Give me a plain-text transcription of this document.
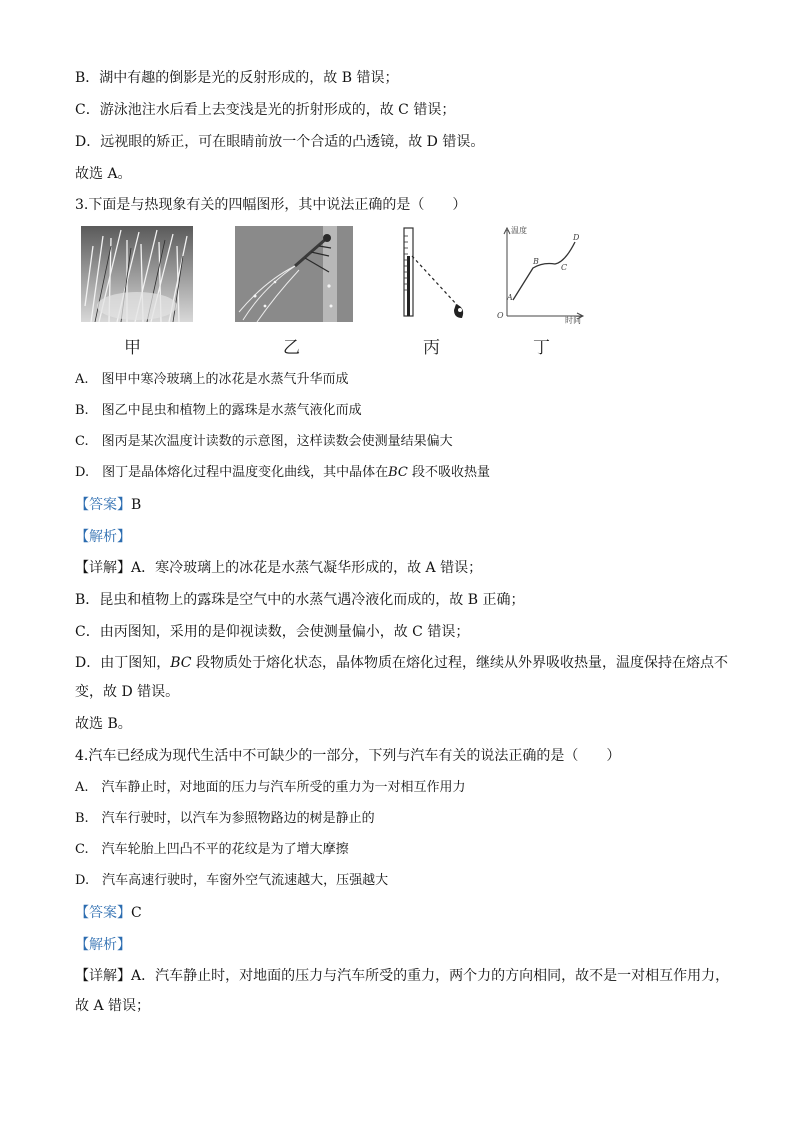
B．湖中有趣的倒影是光的反射形成的，故 B 错误；
C．游泳池注水后看上去变浅是光的折射形成的，故 C 错误；
D．远视眼的矫正，可在眼睛前放一个合适的凸透镜，故 D 错误。
故选 A。
3.下面是与热现象有关的四幅图形，其中说法正确的是（　　）
甲	乙	丙
温度
时间
O
A
B
C
D
丁
A.　图甲中寒冷玻璃上的冰花是水蒸气升华而成
B.　图乙中昆虫和植物上的露珠是水蒸气液化而成
C.　图丙是某次温度计读数的示意图，这样读数会使测量结果偏大
D.　图丁是晶体熔化过程中温度变化曲线，其中晶体在BC 段不吸收热量
【答案】B
【解析】
【详解】A．寒冷玻璃上的冰花是水蒸气凝华形成的，故 A 错误；
B．昆虫和植物上的露珠是空气中的水蒸气遇冷液化而成的，故 B 正确；
C．由丙图知，采用的是仰视读数，会使测量偏小，故 C 错误；
D．由丁图知，BC 段物质处于熔化状态，晶体物质在熔化过程，继续从外界吸收热量，温度保持在熔点不
变，故 D 错误。
故选 B。
4.汽车已经成为现代生活中不可缺少的一部分，下列与汽车有关的说法正确的是（　　）
A.　汽车静止时，对地面的压力与汽车所受的重力为一对相互作用力
B.　汽车行驶时，以汽车为参照物路边的树是静止的
C.　汽车轮胎上凹凸不平的花纹是为了增大摩擦
D.　汽车高速行驶时，车窗外空气流速越大，压强越大
【答案】C
【解析】
【详解】A．汽车静止时，对地面的压力与汽车所受的重力，两个力的方向相同，故不是一对相互作用力，
故 A 错误；
